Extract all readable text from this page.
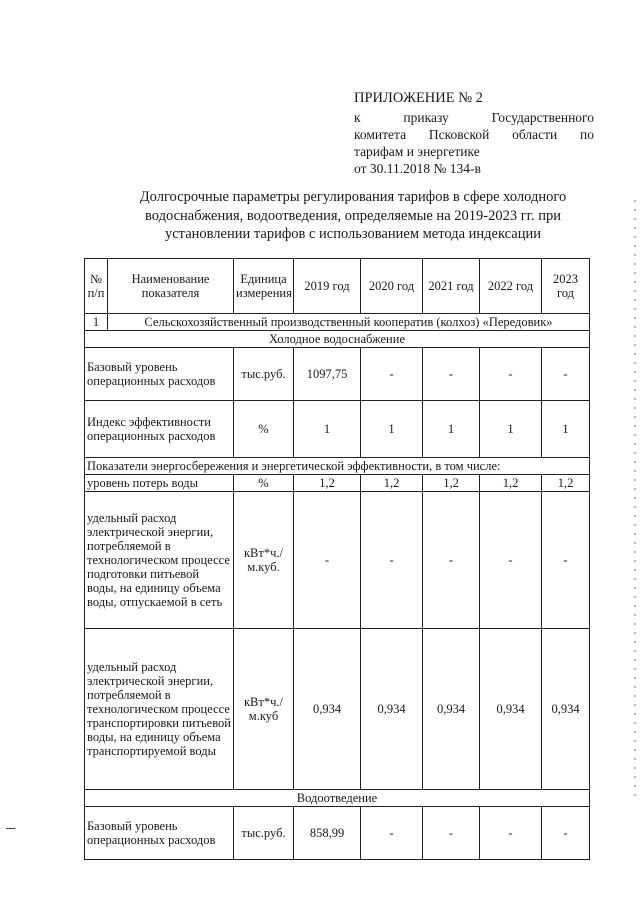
ПРИЛОЖЕНИЕ № 2
к приказу Государственного
комитета Псковской области по
тарифам и энергетике
от 30.11.2018 № 134-в
Долгосрочные параметры регулирования тарифов в сфере холодного водоснабжения, водоотведения, определяемые на 2019-2023 гг. при установлении тарифов с использованием метода индексации
№ п/п	Наименование показателя	Единица измерения	2019 год	2020 год	2021 год	2022 год	2023 год
1	Сельскохозяйственный производственный кооператив (колхоз) «Передовик»						
Холодное водоснабжение							
Базовый уровень операционных расходов		тыс.руб.	1097,75	-	-	-	-
Индекс эффективности операционных расходов		%	1	1	1	1	1
Показатели энергосбережения и энергетической эффективности, в том числе:							
уровень потерь воды		%	1,2	1,2	1,2	1,2	1,2
удельный расход электрической энергии, потребляемой в технологическом процессе подготовки питьевой воды, на единицу объема воды, отпускаемой в сеть		кВт*ч./м.куб.	-	-	-	-	-
удельный расход электрической энергии, потребляемой в технологическом процессе транспортировки питьевой воды, на единицу объема транспортируемой воды		кВт*ч./м.куб	0,934	0,934	0,934	0,934	0,934
Водоотведение							
Базовый уровень операционных расходов		тыс.руб.	858,99	-	-	-	-
